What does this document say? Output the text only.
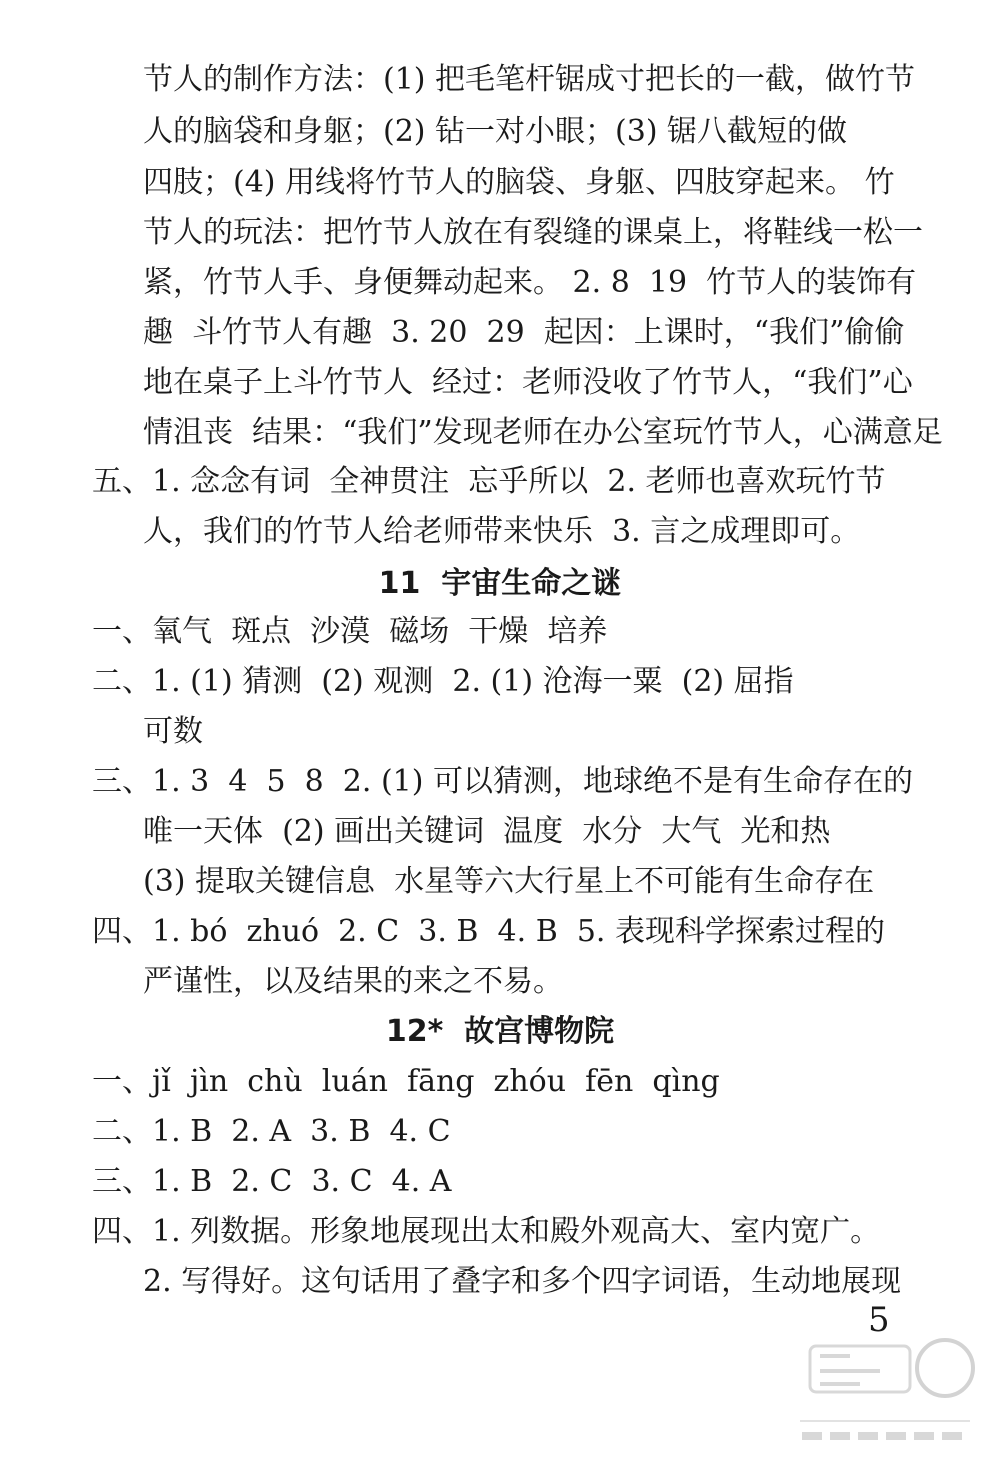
节人的制作方法：(1) 把毛笔杆锯成寸把长的一截，做竹节
人的脑袋和身躯；(2) 钻一对小眼；(3) 锯八截短的做
四肢；(4) 用线将竹节人的脑袋、身躯、四肢穿起来。 竹
节人的玩法：把竹节人放在有裂缝的课桌上，将鞋线一松一
紧，竹节人手、身便舞动起来。 2. 8  19  竹节人的装饰有
趣  斗竹节人有趣  3. 20  29  起因：上课时，“我们”偷偷
地在桌子上斗竹节人  经过：老师没收了竹节人，“我们”心
情沮丧  结果：“我们”发现老师在办公室玩竹节人，心满意足
五、1. 念念有词  全神贯注  忘乎所以  2. 老师也喜欢玩竹节
人，我们的竹节人给老师带来快乐  3. 言之成理即可。
11  宇宙生命之谜
一、氧气  斑点  沙漠  磁场  干燥  培养
二、1. (1) 猜测  (2) 观测  2. (1) 沧海一粟  (2) 屈指
可数
三、1. 3  4  5  8  2. (1) 可以猜测，地球绝不是有生命存在的
唯一天体  (2) 画出关键词  温度  水分  大气  光和热
(3) 提取关键信息  水星等六大行星上不可能有生命存在
四、1. bó  zhuó  2. C  3. B  4. B  5. 表现科学探索过程的
严谨性，以及结果的来之不易。
12*  故宫博物院
一、jǐ  jìn  chù  luán  fāng  zhóu  fēn  qìng
二、1. B  2. A  3. B  4. C
三、1. B  2. C  3. C  4. A
四、1. 列数据。形象地展现出太和殿外观高大、室内宽广。
2. 写得好。这句话用了叠字和多个四字词语，生动地展现
5
